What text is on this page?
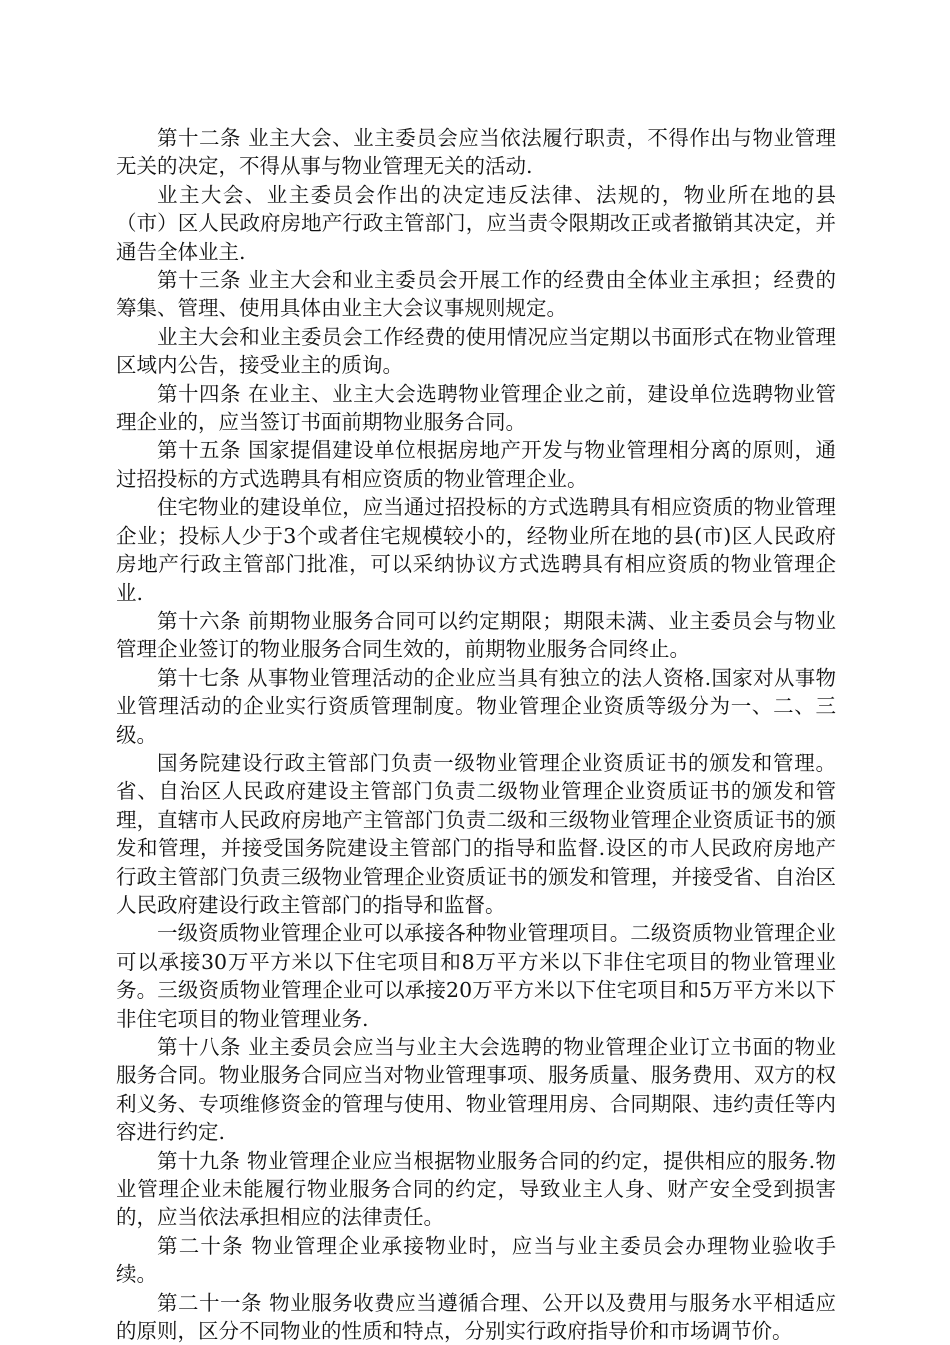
第十二条 业主大会、业主委员会应当依法履行职责，不得作出与物业管理无关的决定，不得从事与物业管理无关的活动.

业主大会、业主委员会作出的决定违反法律、法规的，物业所在地的县（市）区人民政府房地产行政主管部门，应当责令限期改正或者撤销其决定，并通告全体业主.

第十三条 业主大会和业主委员会开展工作的经费由全体业主承担；经费的筹集、管理、使用具体由业主大会议事规则规定。

业主大会和业主委员会工作经费的使用情况应当定期以书面形式在物业管理区域内公告，接受业主的质询。

第十四条 在业主、业主大会选聘物业管理企业之前，建设单位选聘物业管理企业的，应当签订书面前期物业服务合同。

第十五条 国家提倡建设单位根据房地产开发与物业管理相分离的原则，通过招投标的方式选聘具有相应资质的物业管理企业。

住宅物业的建设单位，应当通过招投标的方式选聘具有相应资质的物业管理企业；投标人少于3个或者住宅规模较小的，经物业所在地的县(市)区人民政府房地产行政主管部门批准，可以采纳协议方式选聘具有相应资质的物业管理企业.

第十六条 前期物业服务合同可以约定期限；期限未满、业主委员会与物业管理企业签订的物业服务合同生效的，前期物业服务合同终止。

第十七条 从事物业管理活动的企业应当具有独立的法人资格.国家对从事物业管理活动的企业实行资质管理制度。物业管理企业资质等级分为一、二、三级。

国务院建设行政主管部门负责一级物业管理企业资质证书的颁发和管理。省、自治区人民政府建设主管部门负责二级物业管理企业资质证书的颁发和管理，直辖市人民政府房地产主管部门负责二级和三级物业管理企业资质证书的颁发和管理，并接受国务院建设主管部门的指导和监督.设区的市人民政府房地产行政主管部门负责三级物业管理企业资质证书的颁发和管理，并接受省、自治区人民政府建设行政主管部门的指导和监督。

一级资质物业管理企业可以承接各种物业管理项目。二级资质物业管理企业可以承接30万平方米以下住宅项目和8万平方米以下非住宅项目的物业管理业务。三级资质物业管理企业可以承接20万平方米以下住宅项目和5万平方米以下非住宅项目的物业管理业务.

第十八条 业主委员会应当与业主大会选聘的物业管理企业订立书面的物业服务合同。物业服务合同应当对物业管理事项、服务质量、服务费用、双方的权利义务、专项维修资金的管理与使用、物业管理用房、合同期限、违约责任等内容进行约定.

第十九条 物业管理企业应当根据物业服务合同的约定，提供相应的服务.物业管理企业未能履行物业服务合同的约定，导致业主人身、财产安全受到损害的，应当依法承担相应的法律责任。

第二十条 物业管理企业承接物业时，应当与业主委员会办理物业验收手续。

第二十一条 物业服务收费应当遵循合理、公开以及费用与服务水平相适应的原则，区分不同物业的性质和特点，分别实行政府指导价和市场调节价。
